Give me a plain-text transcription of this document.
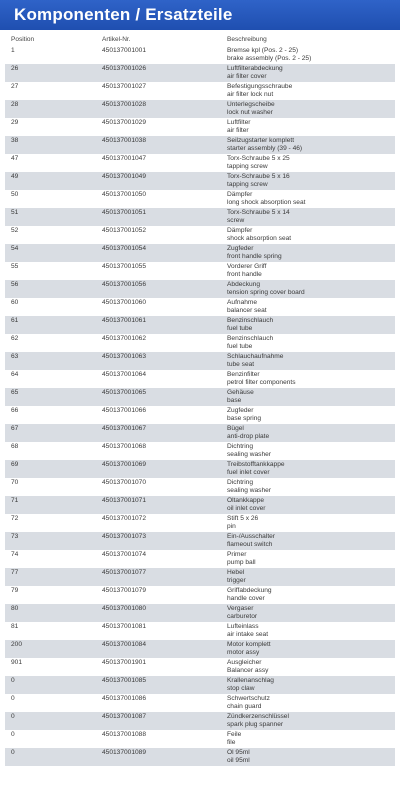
Komponenten / Ersatzteile
Position	Artikel-Nr.	Beschreibung
1	450137001001	Bremse kpl (Pos. 2 - 25)
brake assembly (Pos. 2 - 25)
26	450137001026	Luftfilterabdeckung
air filter cover
27	450137001027	Befestigungsschraube
air filter lock nut
28	450137001028	Unterlegscheibe
lock nut washer
29	450137001029	Luftfilter
air filter
38	450137001038	Seilzugstarter komplett
starter assembly (39 - 46)
47	450137001047	Torx-Schraube 5 x 25
tapping screw
49	450137001049	Torx-Schraube 5 x 16
tapping screw
50	450137001050	Dämpfer
long shock absorption seat
51	450137001051	Torx-Schraube 5 x 14
screw
52	450137001052	Dämpfer
shock absorption seat
54	450137001054	Zugfeder
front handle spring
55	450137001055	Vorderer Griff
front handle
56	450137001056	Abdeckung
tension spring cover board
60	450137001060	Aufnahme
balancer seat
61	450137001061	Benzinschlauch
fuel tube
62	450137001062	Benzinschlauch
fuel tube
63	450137001063	Schlauchaufnahme
tube seat
64	450137001064	Benzinfilter
petrol filter components
65	450137001065	Gehäuse
base
66	450137001066	Zugfeder
base spring
67	450137001067	Bügel
anti-drop plate
68	450137001068	Dichtring
sealing washer
69	450137001069	Treibstofftankkappe
fuel inlet cover
70	450137001070	Dichtring
sealing washer
71	450137001071	Öltankkappe
oil inlet cover
72	450137001072	Stift 5 x 26
pin
73	450137001073	Ein-/Ausschalter
flameout switch
74	450137001074	Primer
pump ball
77	450137001077	Hebel
trigger
79	450137001079	Griffabdeckung
handle cover
80	450137001080	Vergaser
carburetor
81	450137001081	Lufteinlass
air intake seat
200	450137001084	Motor komplett
motor assy
901	450137001901	Ausgleicher
Balancer assy
0	450137001085	Krallenanschlag
stop claw
0	450137001086	Schwertschutz
chain guard
0	450137001087	Zündkerzenschlüssel
spark plug spanner
0	450137001088	Feile
file
0	450137001089	Öl 95ml
oil 95ml
